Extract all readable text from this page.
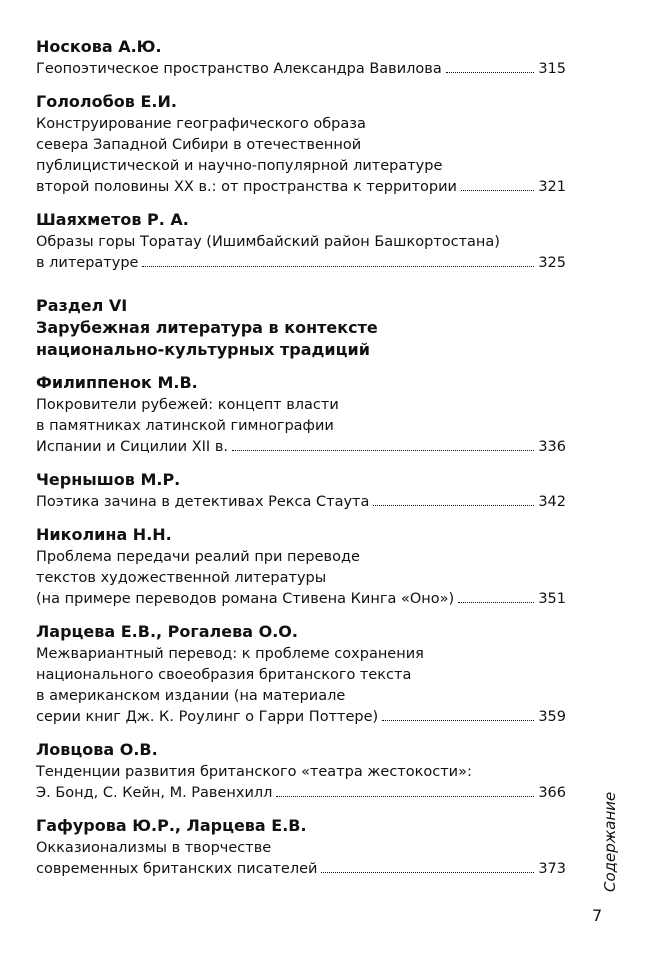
Носкова А.Ю.
Геопоэтическое пространство Александра Вавилова	315
Гололобов Е.И.
Конструирование географического образа
севера Западной Сибири в отечественной
публицистической и научно-популярной литературе
второй половины XX в.: от пространства к территории	321
Шаяхметов Р. А.
Образы горы Торатау (Ишимбайский район Башкортостана)
в литературе	325
Раздел VI
Зарубежная литература в контексте
национально-культурных традиций
Филиппенок М.В.
Покровители рубежей: концепт власти
в памятниках латинской гимнографии
Испании и Сицилии XII в.	336
Чернышов М.Р.
Поэтика зачина в детективах Рекса Стаута	342
Николина Н.Н.
Проблема передачи реалий при переводе
текстов художественной литературы
(на примере переводов романа Стивена Кинга «Оно»)	351
Ларцева Е.В., Рогалева О.О.
Межвариантный перевод: к проблеме сохранения
национального своеобразия британского текста
в американском издании (на материале
серии книг Дж. К. Роулинг о Гарри Поттере)	359
Ловцова О.В.
Тенденции развития британского «театра жестокости»:
Э. Бонд, С. Кейн, М. Равенхилл	366
Гафурова Ю.Р., Ларцева Е.В.
Окказионализмы в творчестве
современных британских писателей	373 Содержание
7
